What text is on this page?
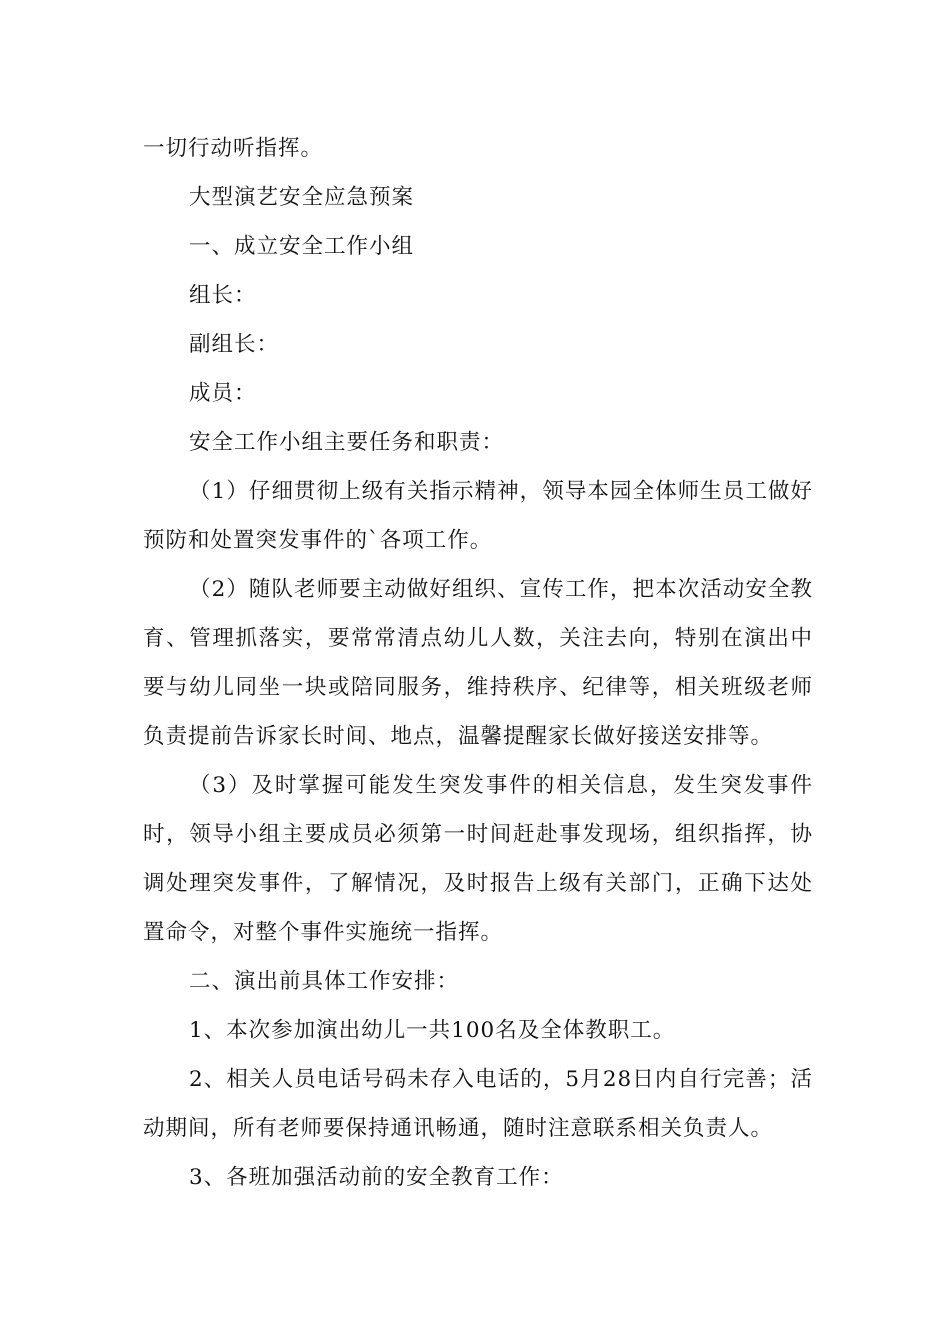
一切行动听指挥。

大型演艺安全应急预案

一、成立安全工作小组

组长：

副组长：

成员：

安全工作小组主要任务和职责：

（1）仔细贯彻上级有关指示精神，领导本园全体师生员工做好预防和处置突发事件的`各项工作。

（2）随队老师要主动做好组织、宣传工作，把本次活动安全教育、管理抓落实，要常常清点幼儿人数，关注去向，特别在演出中要与幼儿同坐一块或陪同服务，维持秩序、纪律等，相关班级老师负责提前告诉家长时间、地点，温馨提醒家长做好接送安排等。

（3）及时掌握可能发生突发事件的相关信息，发生突发事件时，领导小组主要成员必须第一时间赶赴事发现场，组织指挥，协调处理突发事件，了解情况，及时报告上级有关部门，正确下达处置命令，对整个事件实施统一指挥。

二、演出前具体工作安排：

1、本次参加演出幼儿一共100名及全体教职工。

2、相关人员电话号码未存入电话的，5月28日内自行完善；活动期间，所有老师要保持通讯畅通，随时注意联系相关负责人。

3、各班加强活动前的安全教育工作：
